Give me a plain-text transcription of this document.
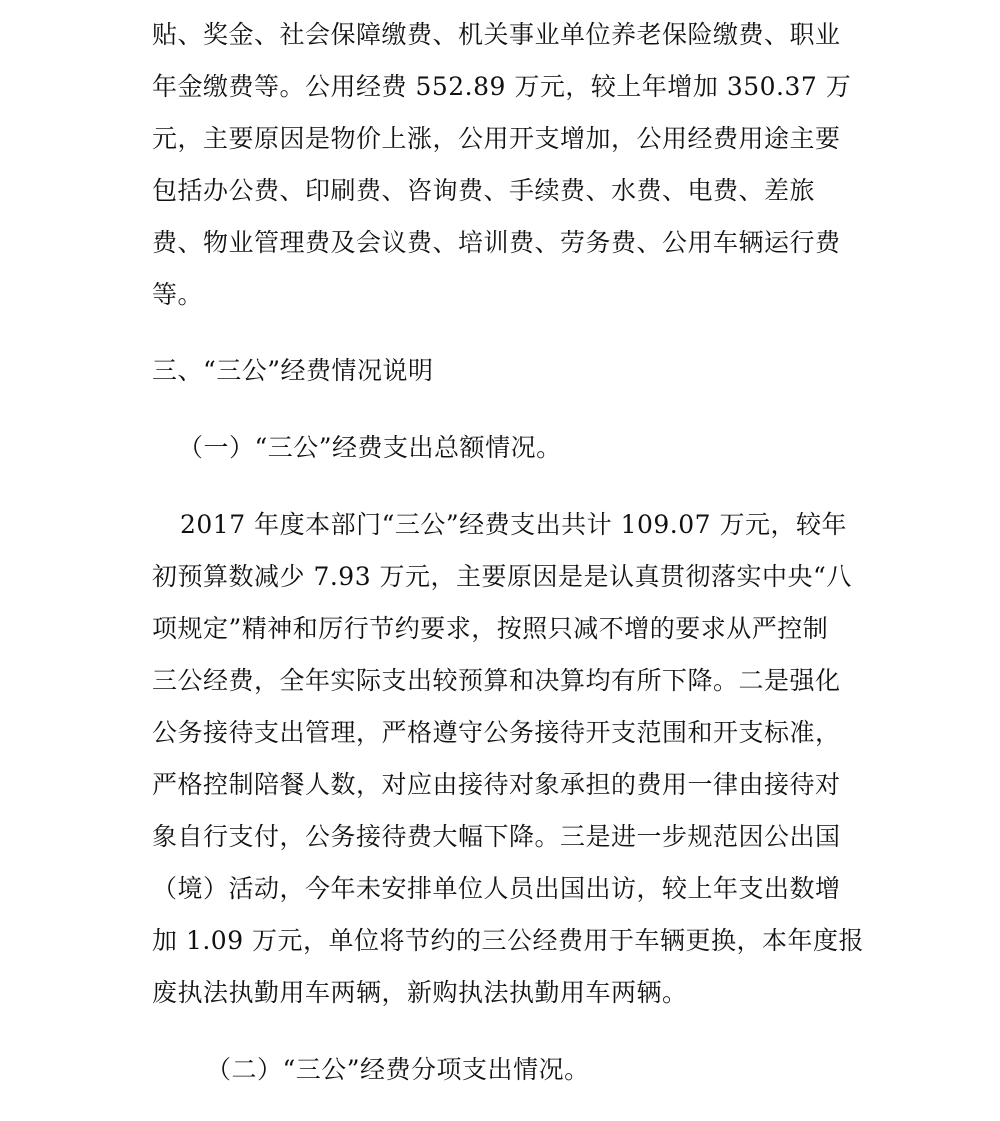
贴、奖金、社会保障缴费、机关事业单位养老保险缴费、职业
年金缴费等。公用经费 552.89 万元，较上年增加 350.37 万
元，主要原因是物价上涨，公用开支增加，公用经费用途主要
包括办公费、印刷费、咨询费、手续费、水费、电费、差旅
费、物业管理费及会议费、培训费、劳务费、公用车辆运行费
等。
三、“三公”经费情况说明
（一）“三公”经费支出总额情况。
2017 年度本部门“三公”经费支出共计 109.07 万元，较年
初预算数减少 7.93 万元，主要原因是是认真贯彻落实中央“八
项规定”精神和厉行节约要求，按照只减不增的要求从严控制
三公经费，全年实际支出较预算和决算均有所下降。二是强化
公务接待支出管理，严格遵守公务接待开支范围和开支标准，
严格控制陪餐人数，对应由接待对象承担的费用一律由接待对
象自行支付，公务接待费大幅下降。三是进一步规范因公出国
（境）活动，今年未安排单位人员出国出访，较上年支出数增
加 1.09 万元，单位将节约的三公经费用于车辆更换，本年度报
废执法执勤用车两辆，新购执法执勤用车两辆。
（二）“三公”经费分项支出情况。
